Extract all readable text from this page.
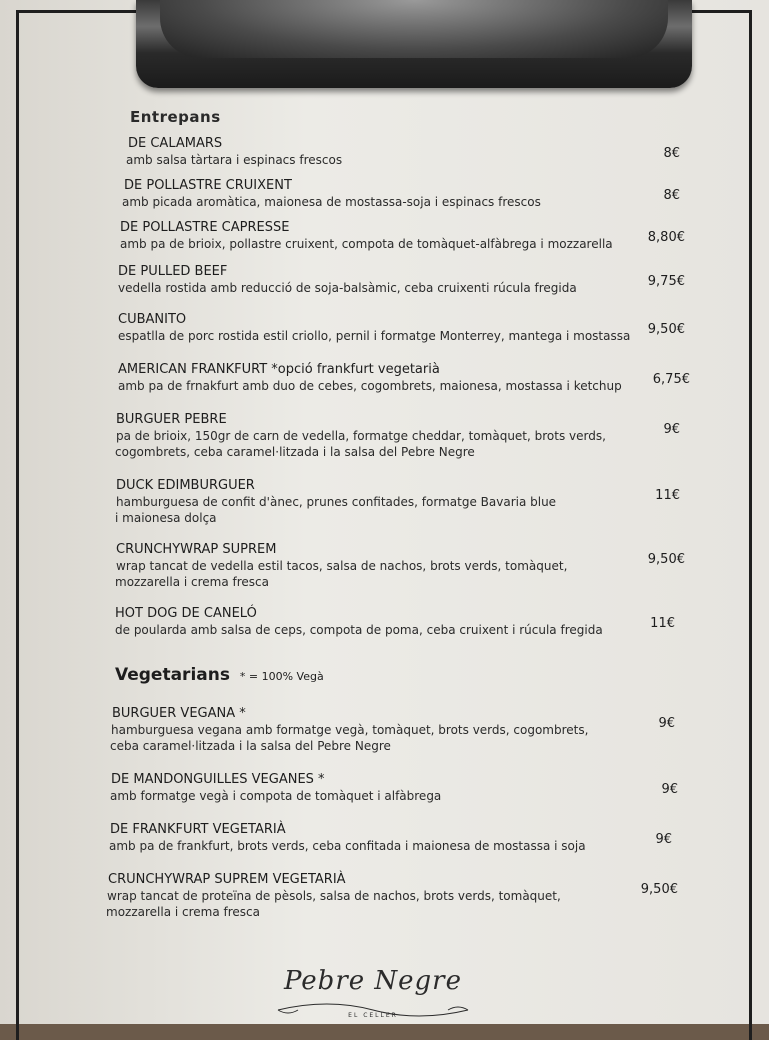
Entrepans
DE CALAMARS
amb salsa tàrtara i espinacs frescos	8€
DE POLLASTRE CRUIXENT
amb picada aromàtica, maionesa de mostassa-soja i espinacs frescos	8€
DE POLLASTRE CAPRESSE
amb pa de brioix, pollastre cruixent, compota de tomàquet-alfàbrega i mozzarella	8,80€
DE PULLED BEEF
vedella rostida amb reducció de soja-balsàmic, ceba cruixenti rúcula fregida	9,75€
CUBANITO
espatlla de porc rostida estil criollo, pernil i formatge Monterrey, mantega i mostassa	9,50€
AMERICAN FRANKFURT *opció frankfurt vegetarià
amb pa de frnakfurt amb duo de cebes, cogombrets, maionesa, mostassa i ketchup	6,75€
BURGUER PEBRE
pa de brioix, 150gr de carn de vedella, formatge cheddar, tomàquet, brots verds,
cogombrets, ceba caramel·litzada i la salsa del Pebre Negre
9€
DUCK EDIMBURGUER
hamburguesa de confit d'ànec, prunes confitades, formatge Bavaria blue
i maionesa dolça
11€
CRUNCHYWRAP SUPREM
wrap tancat de vedella estil tacos, salsa de nachos, brots verds, tomàquet,
mozzarella i crema fresca
9,50€
HOT DOG DE CANELÓ
de poularda amb salsa de ceps, compota de poma, ceba cruixent i rúcula fregida	11€
Vegetarians * = 100% Vegà
BURGUER VEGANA *
hamburguesa vegana amb formatge vegà, tomàquet, brots verds, cogombrets,
ceba caramel·litzada i la salsa del Pebre Negre
9€
DE MANDONGUILLES VEGANES *
amb formatge vegà i compota de tomàquet i alfàbrega	9€
DE FRANKFURT VEGETARIÀ
amb pa de frankfurt, brots verds, ceba confitada i maionesa de mostassa i soja	9€
CRUNCHYWRAP SUPREM VEGETARIÀ
wrap tancat de proteïna de pèsols, salsa de nachos, brots verds, tomàquet,
mozzarella i crema fresca
9,50€
Pebre Negre
EL CELLER
